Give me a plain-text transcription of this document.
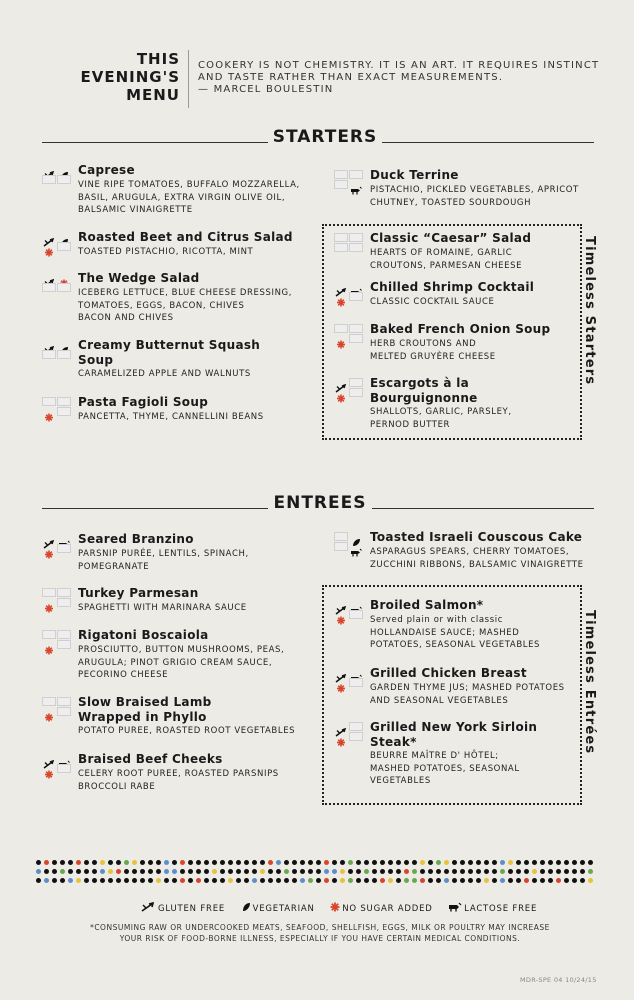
THIS
EVENING'S
MENU
COOKERY IS NOT CHEMISTRY. IT IS AN ART. IT REQUIRES INSTINCT
AND TASTE RATHER THAN EXACT MEASUREMENTS.
— MARCEL BOULESTIN
STARTERS
Caprese
VINE RIPE TOMATOES, BUFFALO MOZZARELLA,
BASIL, ARUGULA, EXTRA VIRGIN OLIVE OIL,
BALSAMIC VINAIGRETTE
Roasted Beet and Citrus Salad
TOASTED PISTACHIO, RICOTTA, MINT
The Wedge Salad
ICEBERG LETTUCE, BLUE CHEESE DRESSING,
TOMATOES, EGGS, BACON, CHIVES
BACON AND CHIVES
Creamy Butternut Squash
Soup
CARAMELIZED APPLE AND WALNUTS
Pasta Fagioli Soup
PANCETTA, THYME, CANNELLINI BEANS
Duck Terrine
PISTACHIO, PICKLED VEGETABLES, APRICOT
CHUTNEY, TOASTED SOURDOUGH
Timeless Starters
Classic “Caesar” Salad
HEARTS OF ROMAINE, GARLIC
CROUTONS, PARMESAN CHEESE
Chilled Shrimp Cocktail
CLASSIC COCKTAIL SAUCE
Baked French Onion Soup
HERB CROUTONS AND
MELTED GRUYÈRE CHEESE
Escargots à la
Bourguignonne
SHALLOTS, GARLIC, PARSLEY,
PERNOD BUTTER
ENTREES
Seared Branzino
PARSNIP PURÉE, LENTILS, SPINACH,
POMEGRANATE
Turkey Parmesan
SPAGHETTI WITH MARINARA SAUCE
Rigatoni Boscaiola
PROSCIUTTO, BUTTON MUSHROOMS, PEAS,
ARUGULA; PINOT GRIGIO CREAM SAUCE,
PECORINO CHEESE
Slow Braised Lamb
Wrapped in Phyllo
POTATO PUREE, ROASTED ROOT VEGETABLES
Braised Beef Cheeks
CELERY ROOT PUREE, ROASTED PARSNIPS
BROCCOLI RABE
Toasted Israeli Couscous Cake
ASPARAGUS SPEARS, CHERRY TOMATOES,
ZUCCHINI RIBBONS, BALSAMIC VINAIGRETTE
Timeless Entrées
Broiled Salmon*
Served plain or with classic
HOLLANDAISE SAUCE; MASHED
POTATOES, SEASONAL VEGETABLES
Grilled Chicken Breast
GARDEN THYME JUS; MASHED POTATOES
AND SEASONAL VEGETABLES
Grilled New York Sirloin
Steak*
BEURRE MAÎTRE D' HÔTEL;
MASHED POTATOES, SEASONAL
VEGETABLES
GLUTEN FREE	VEGETARIAN	NO SUGAR ADDED	LACTOSE FREE
*CONSUMING RAW OR UNDERCOOKED MEATS, SEAFOOD, SHELLFISH, EGGS, MILK OR POULTRY MAY INCREASE
YOUR RISK OF FOOD-BORNE ILLNESS, ESPECIALLY IF YOU HAVE CERTAIN MEDICAL CONDITIONS.
MDR-SPE 04 10/24/15
